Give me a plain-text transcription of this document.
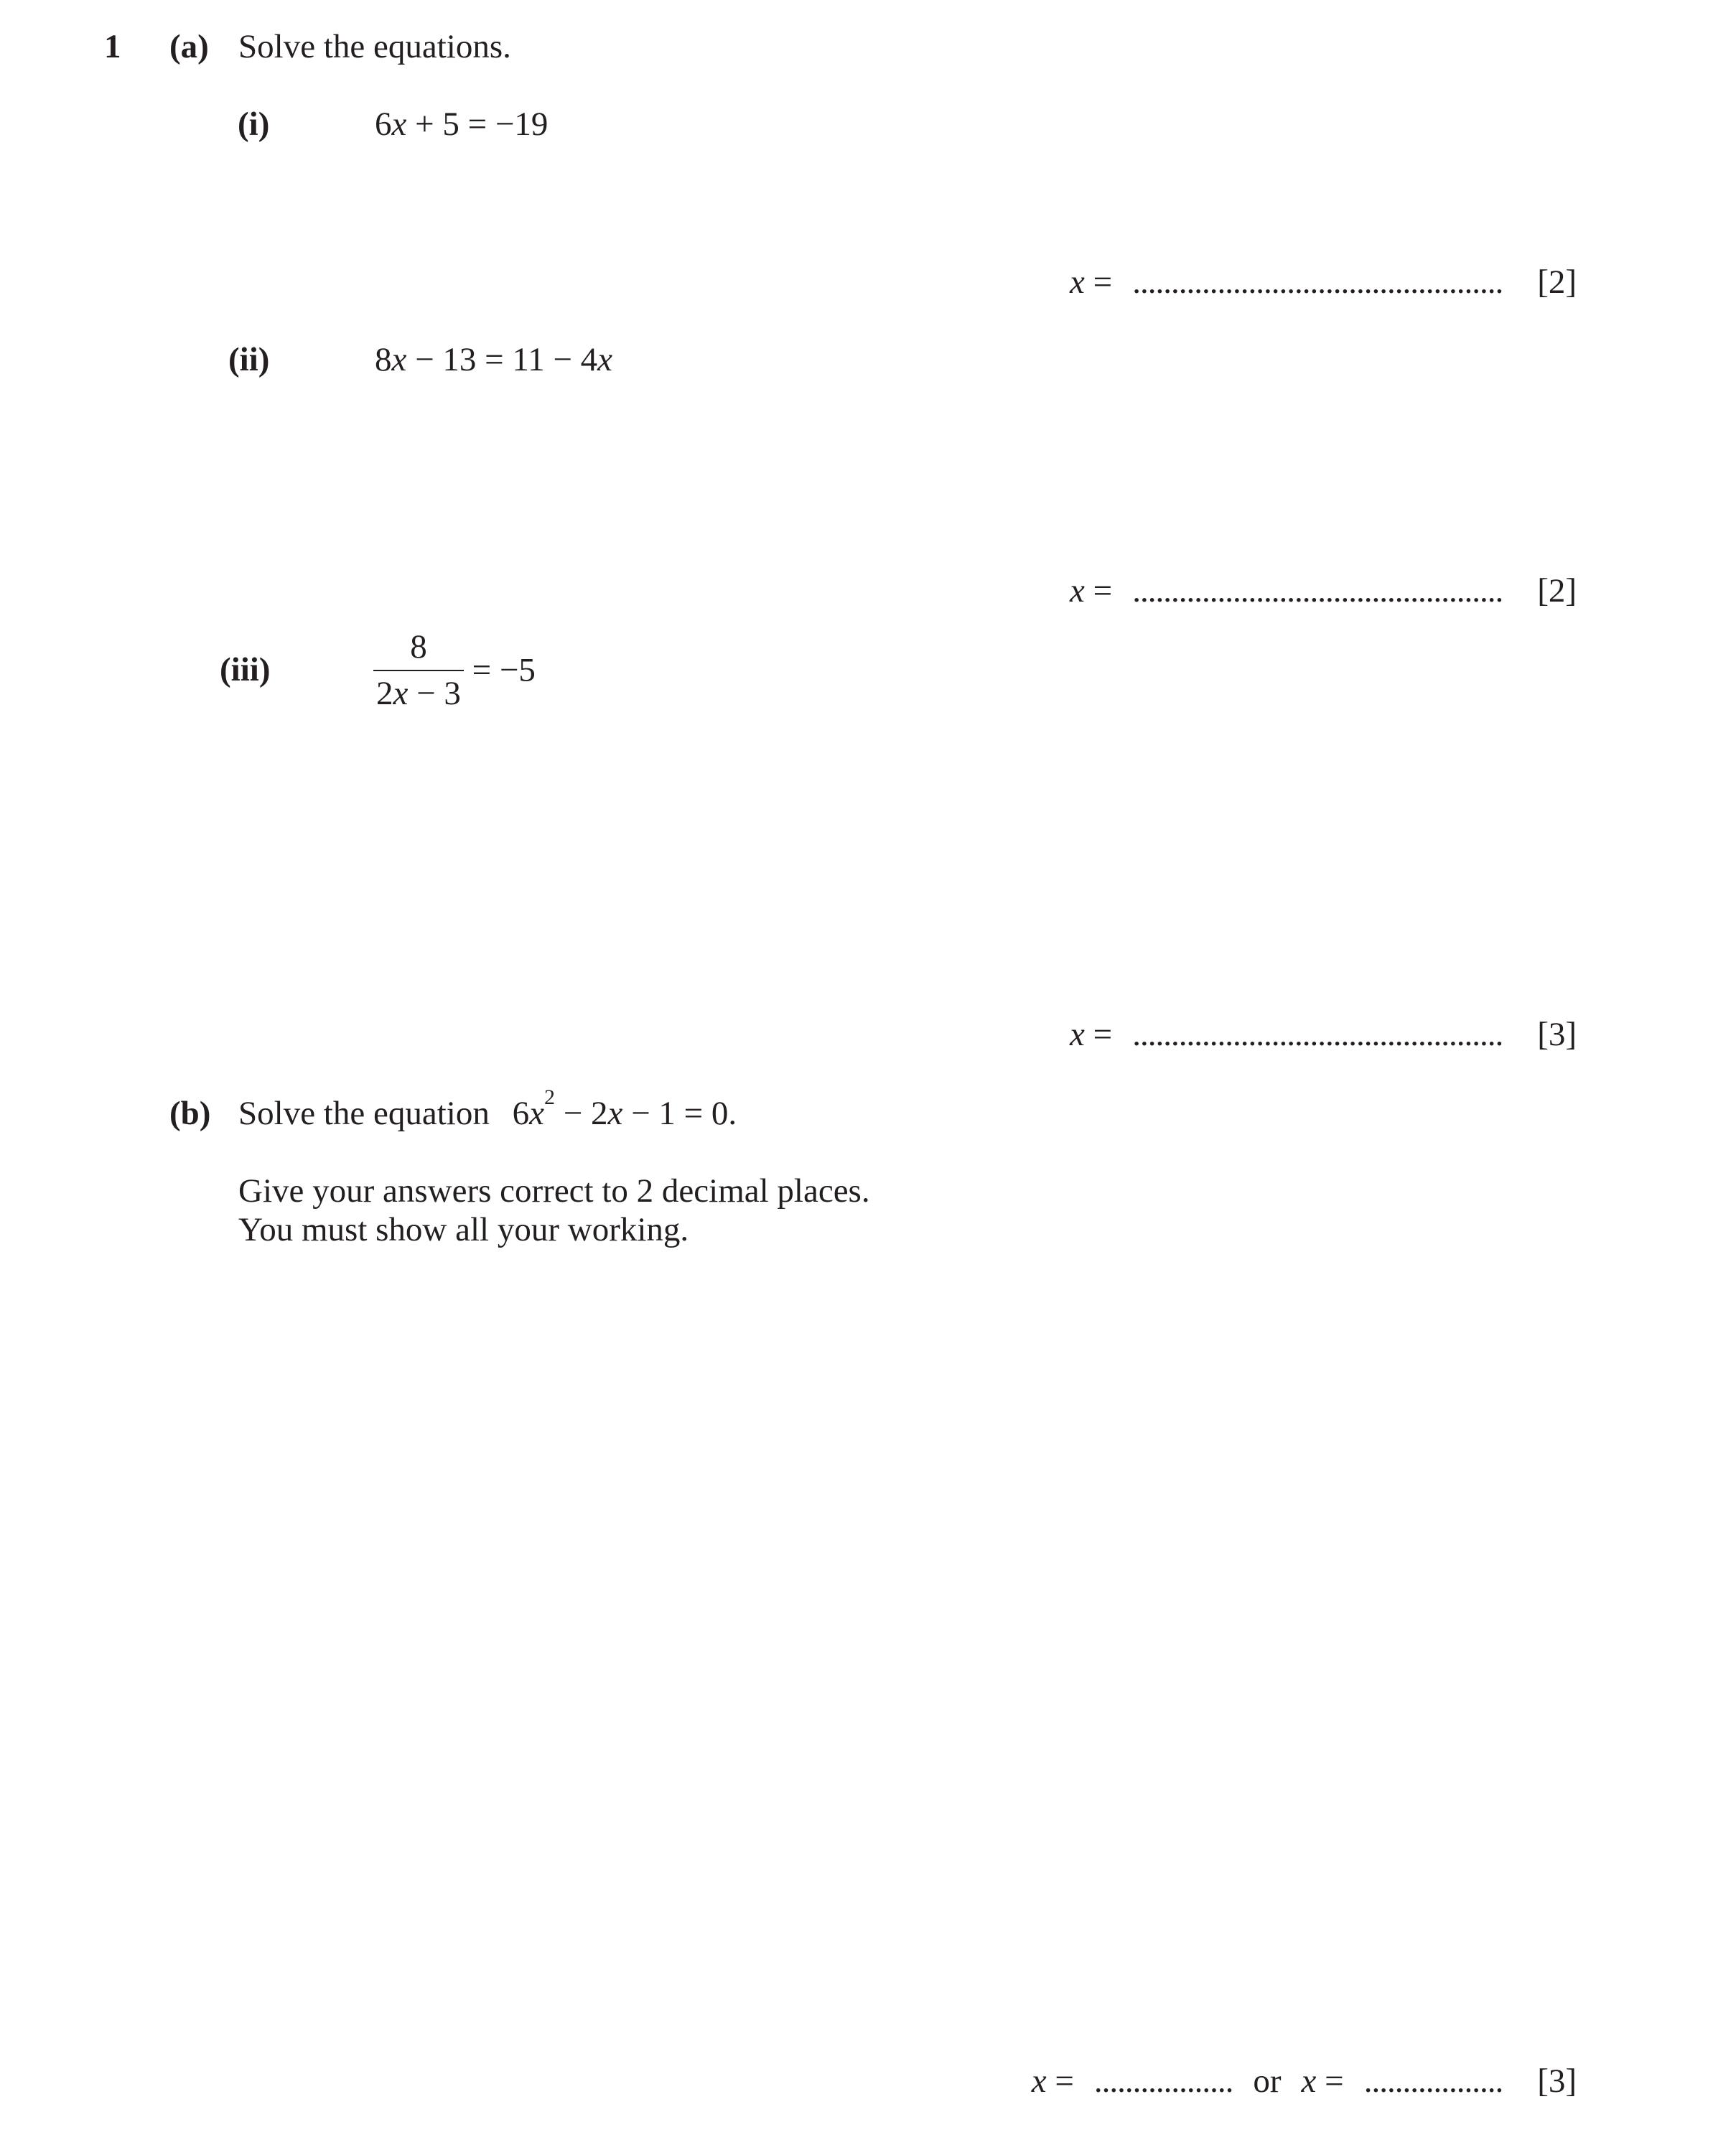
1 (a) Solve the equations.
(i)	6x + 5 = −19
x = ................................................ [2]
(ii)	8x − 13 = 11 − 4x
x = ................................................ [2]
(iii)	$\frac{8}{2x - 3} = -5$
x = ................................................ [3]
(b) Solve the equation $6x^2 - 2x - 1 = 0$.
Give your answers correct to 2 decimal places.
You must show all your working.
x = .................. or x = .................. [3]
